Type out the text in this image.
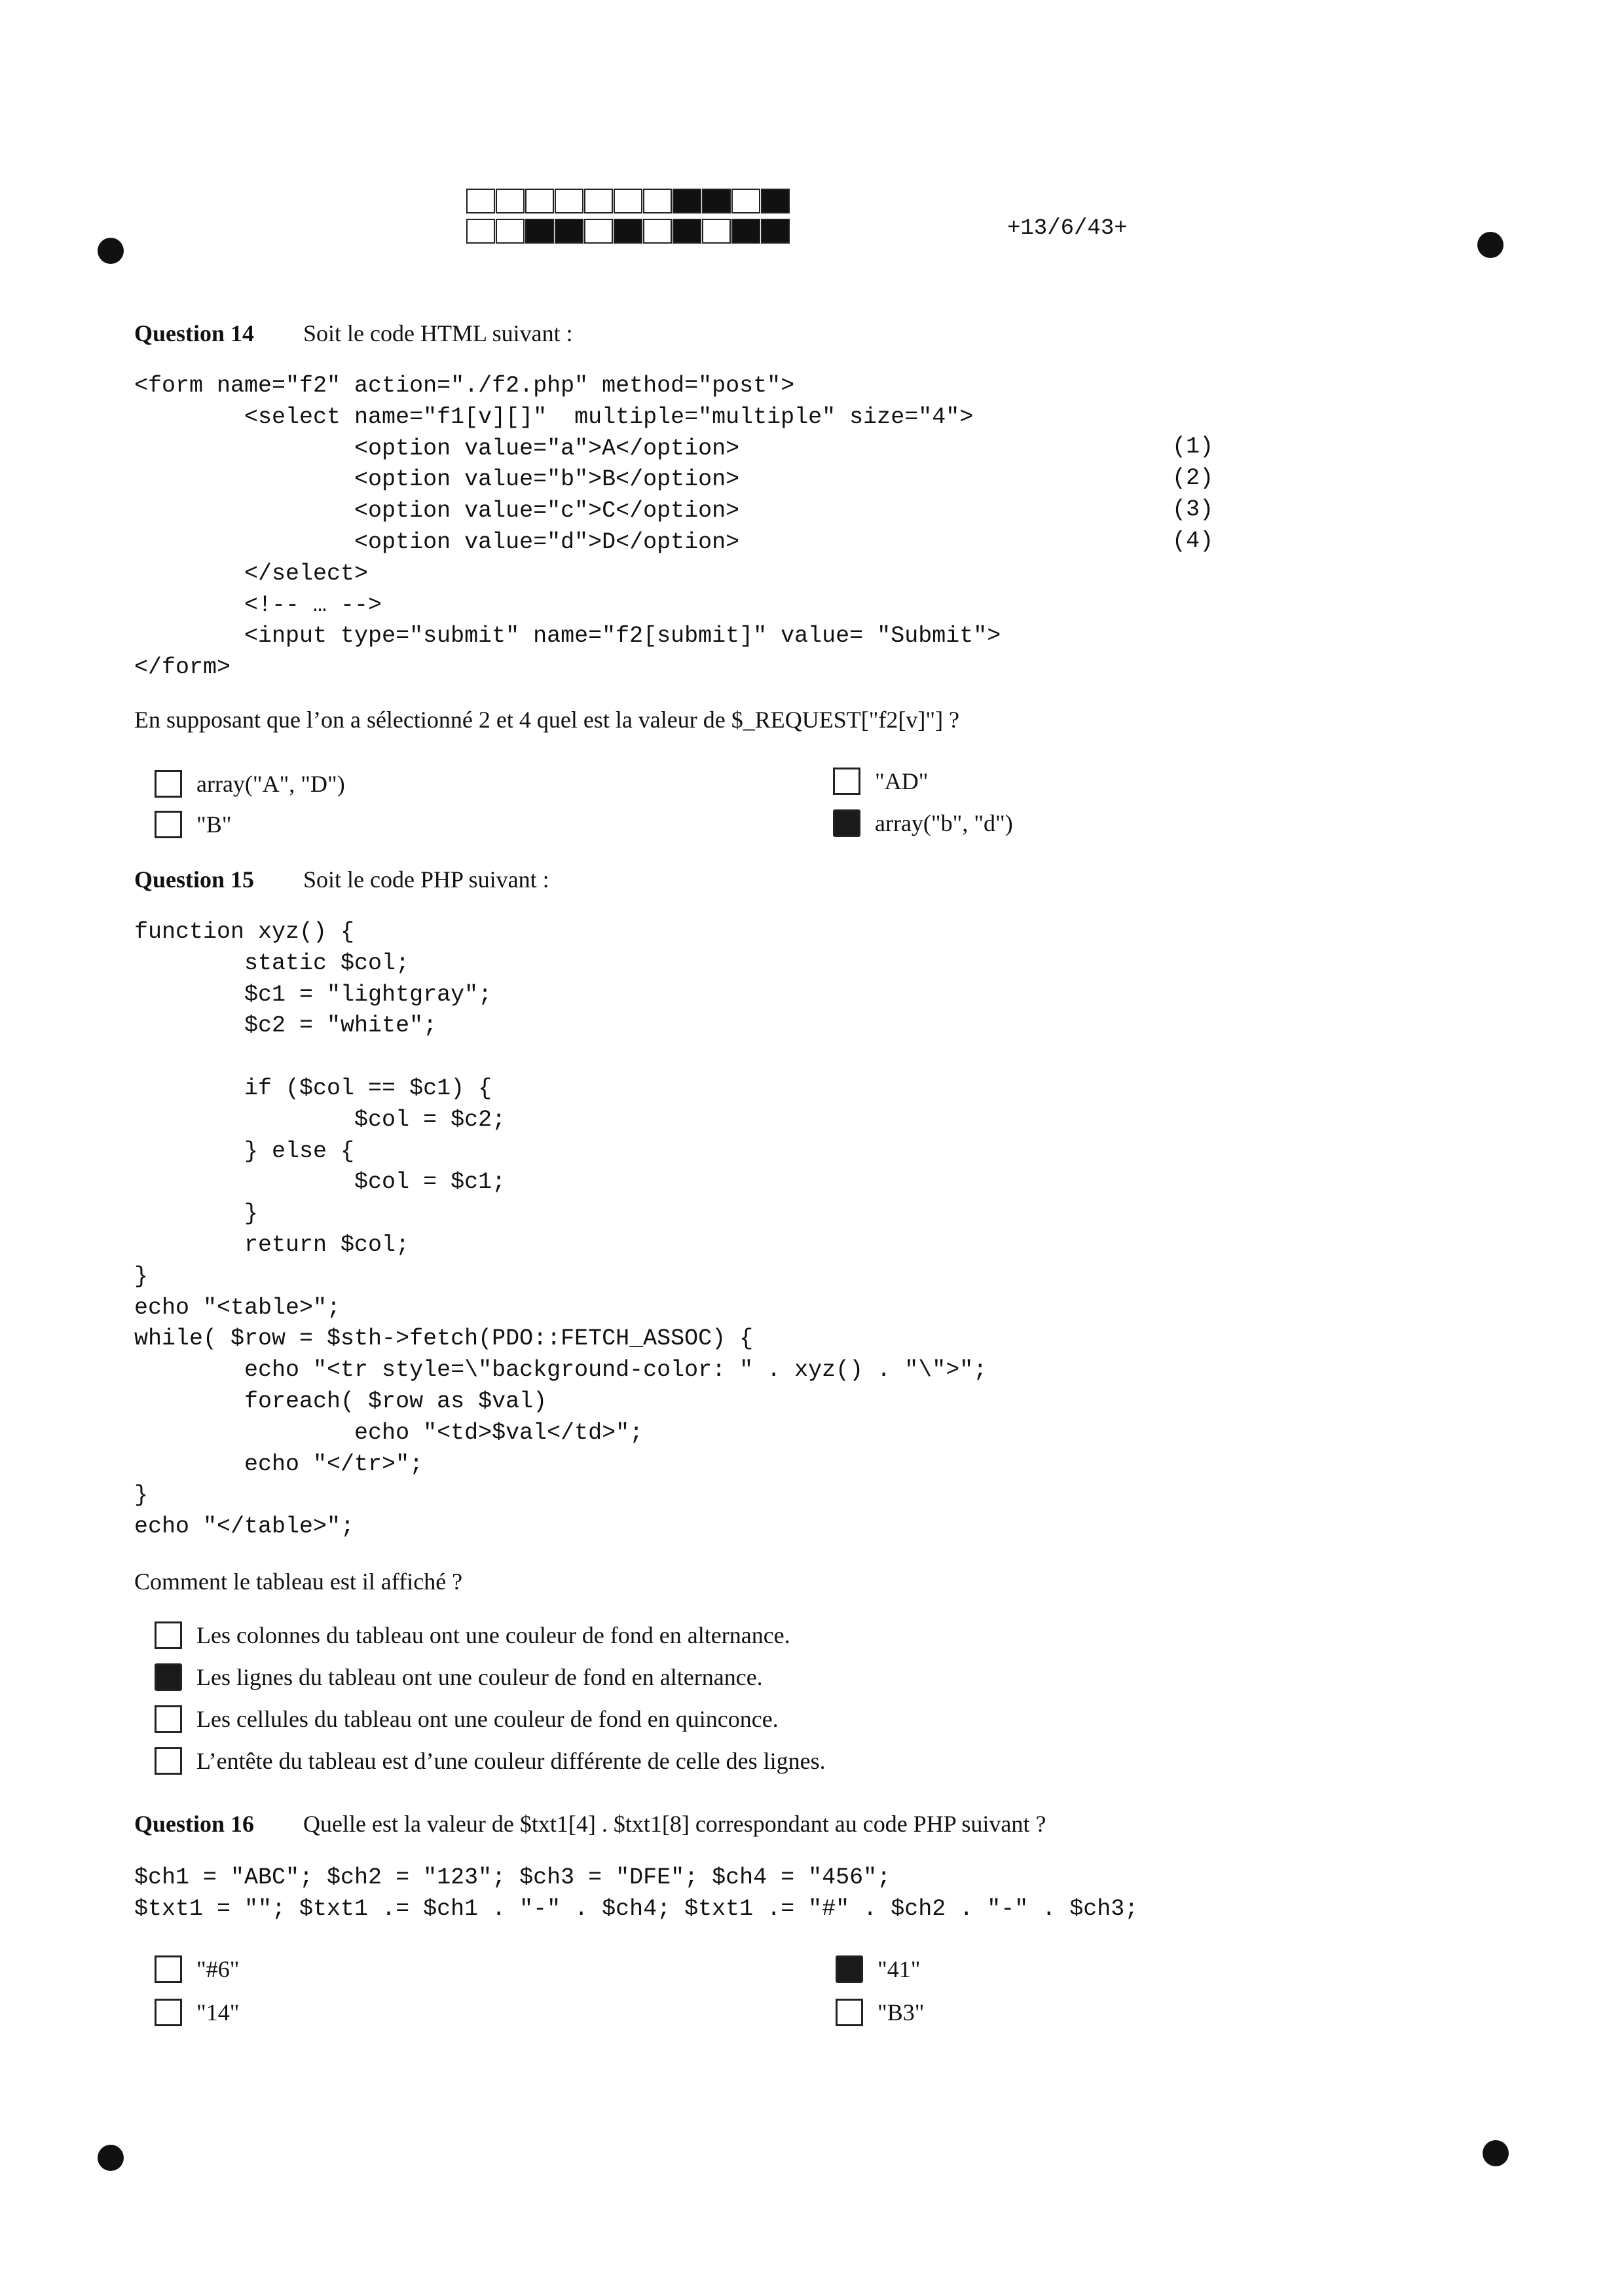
+13/6/43+
Question 14 Soit le code HTML suivant :
<form name="f2" action="./f2.php" method="post">
<select name="f1[v][]"  multiple="multiple" size="4">
<option value="a">A</option>
<option value="b">B</option>
<option value="c">C</option>
<option value="d">D</option>
</select>
<!-- … -->
<input type="submit" name="f2[submit]" value= "Submit">
</form>
(1)
(2)
(3)
(4)
En supposant que l’on a sélectionné 2 et 4 quel est la valeur de $_REQUEST["f2[v]"] ?
array("A", "D")	"AD"
"B"	array("b", "d")
Question 15 Soit le code PHP suivant :
function xyz() {
static $col;
$c1 = "lightgray";
$c2 = "white";

if ($col == $c1) {
$col = $c2;
} else {
$col = $c1;
}
return $col;
}
echo "<table>";
while( $row = $sth->fetch(PDO::FETCH_ASSOC) {
echo "<tr style=\"background-color: " . xyz() . "\">";
foreach( $row as $val)
echo "<td>$val</td>";
echo "</tr>";
}
echo "</table>";
Comment le tableau est il affiché ?
Les colonnes du tableau ont une couleur de fond en alternance.
Les lignes du tableau ont une couleur de fond en alternance.
Les cellules du tableau ont une couleur de fond en quinconce.
L’entête du tableau est d’une couleur différente de celle des lignes.
Question 16 Quelle est la valeur de $txt1[4] . $txt1[8] correspondant au code PHP suivant ?
$ch1 = "ABC"; $ch2 = "123"; $ch3 = "DFE"; $ch4 = "456";
$txt1 = ""; $txt1 .= $ch1 . "-" . $ch4; $txt1 .= "#" . $ch2 . "-" . $ch3;
"#6"	"41"
"14"	"B3"
